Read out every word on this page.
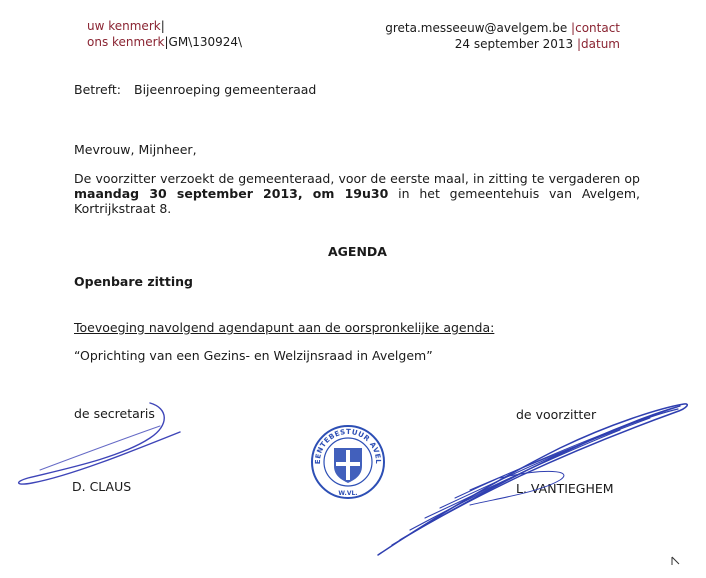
uw kenmerk|
ons kenmerk|GM\130924\
greta.messeeuw@avelgem.be |contact
24 september 2013 |datum
Betreft: Bijeenroeping gemeenteraad
Mevrouw, Mijnheer,
De voorzitter verzoekt de gemeenteraad, voor de eerste maal, in zitting te vergaderen op
maandag 30 september 2013, om 19u30 in het gemeentehuis van Avelgem,
Kortrijkstraat 8.
AGENDA
Openbare zitting
Toevoeging navolgend agendapunt aan de oorspronkelijke agenda:
“Oprichting van een Gezins- en Welzijnsraad in Avelgem”
de secretaris
D. CLAUS
de voorzitter
L. VANTIEGHEM
GEMEENTEBESTUUR AVELGEM
W.VL.
